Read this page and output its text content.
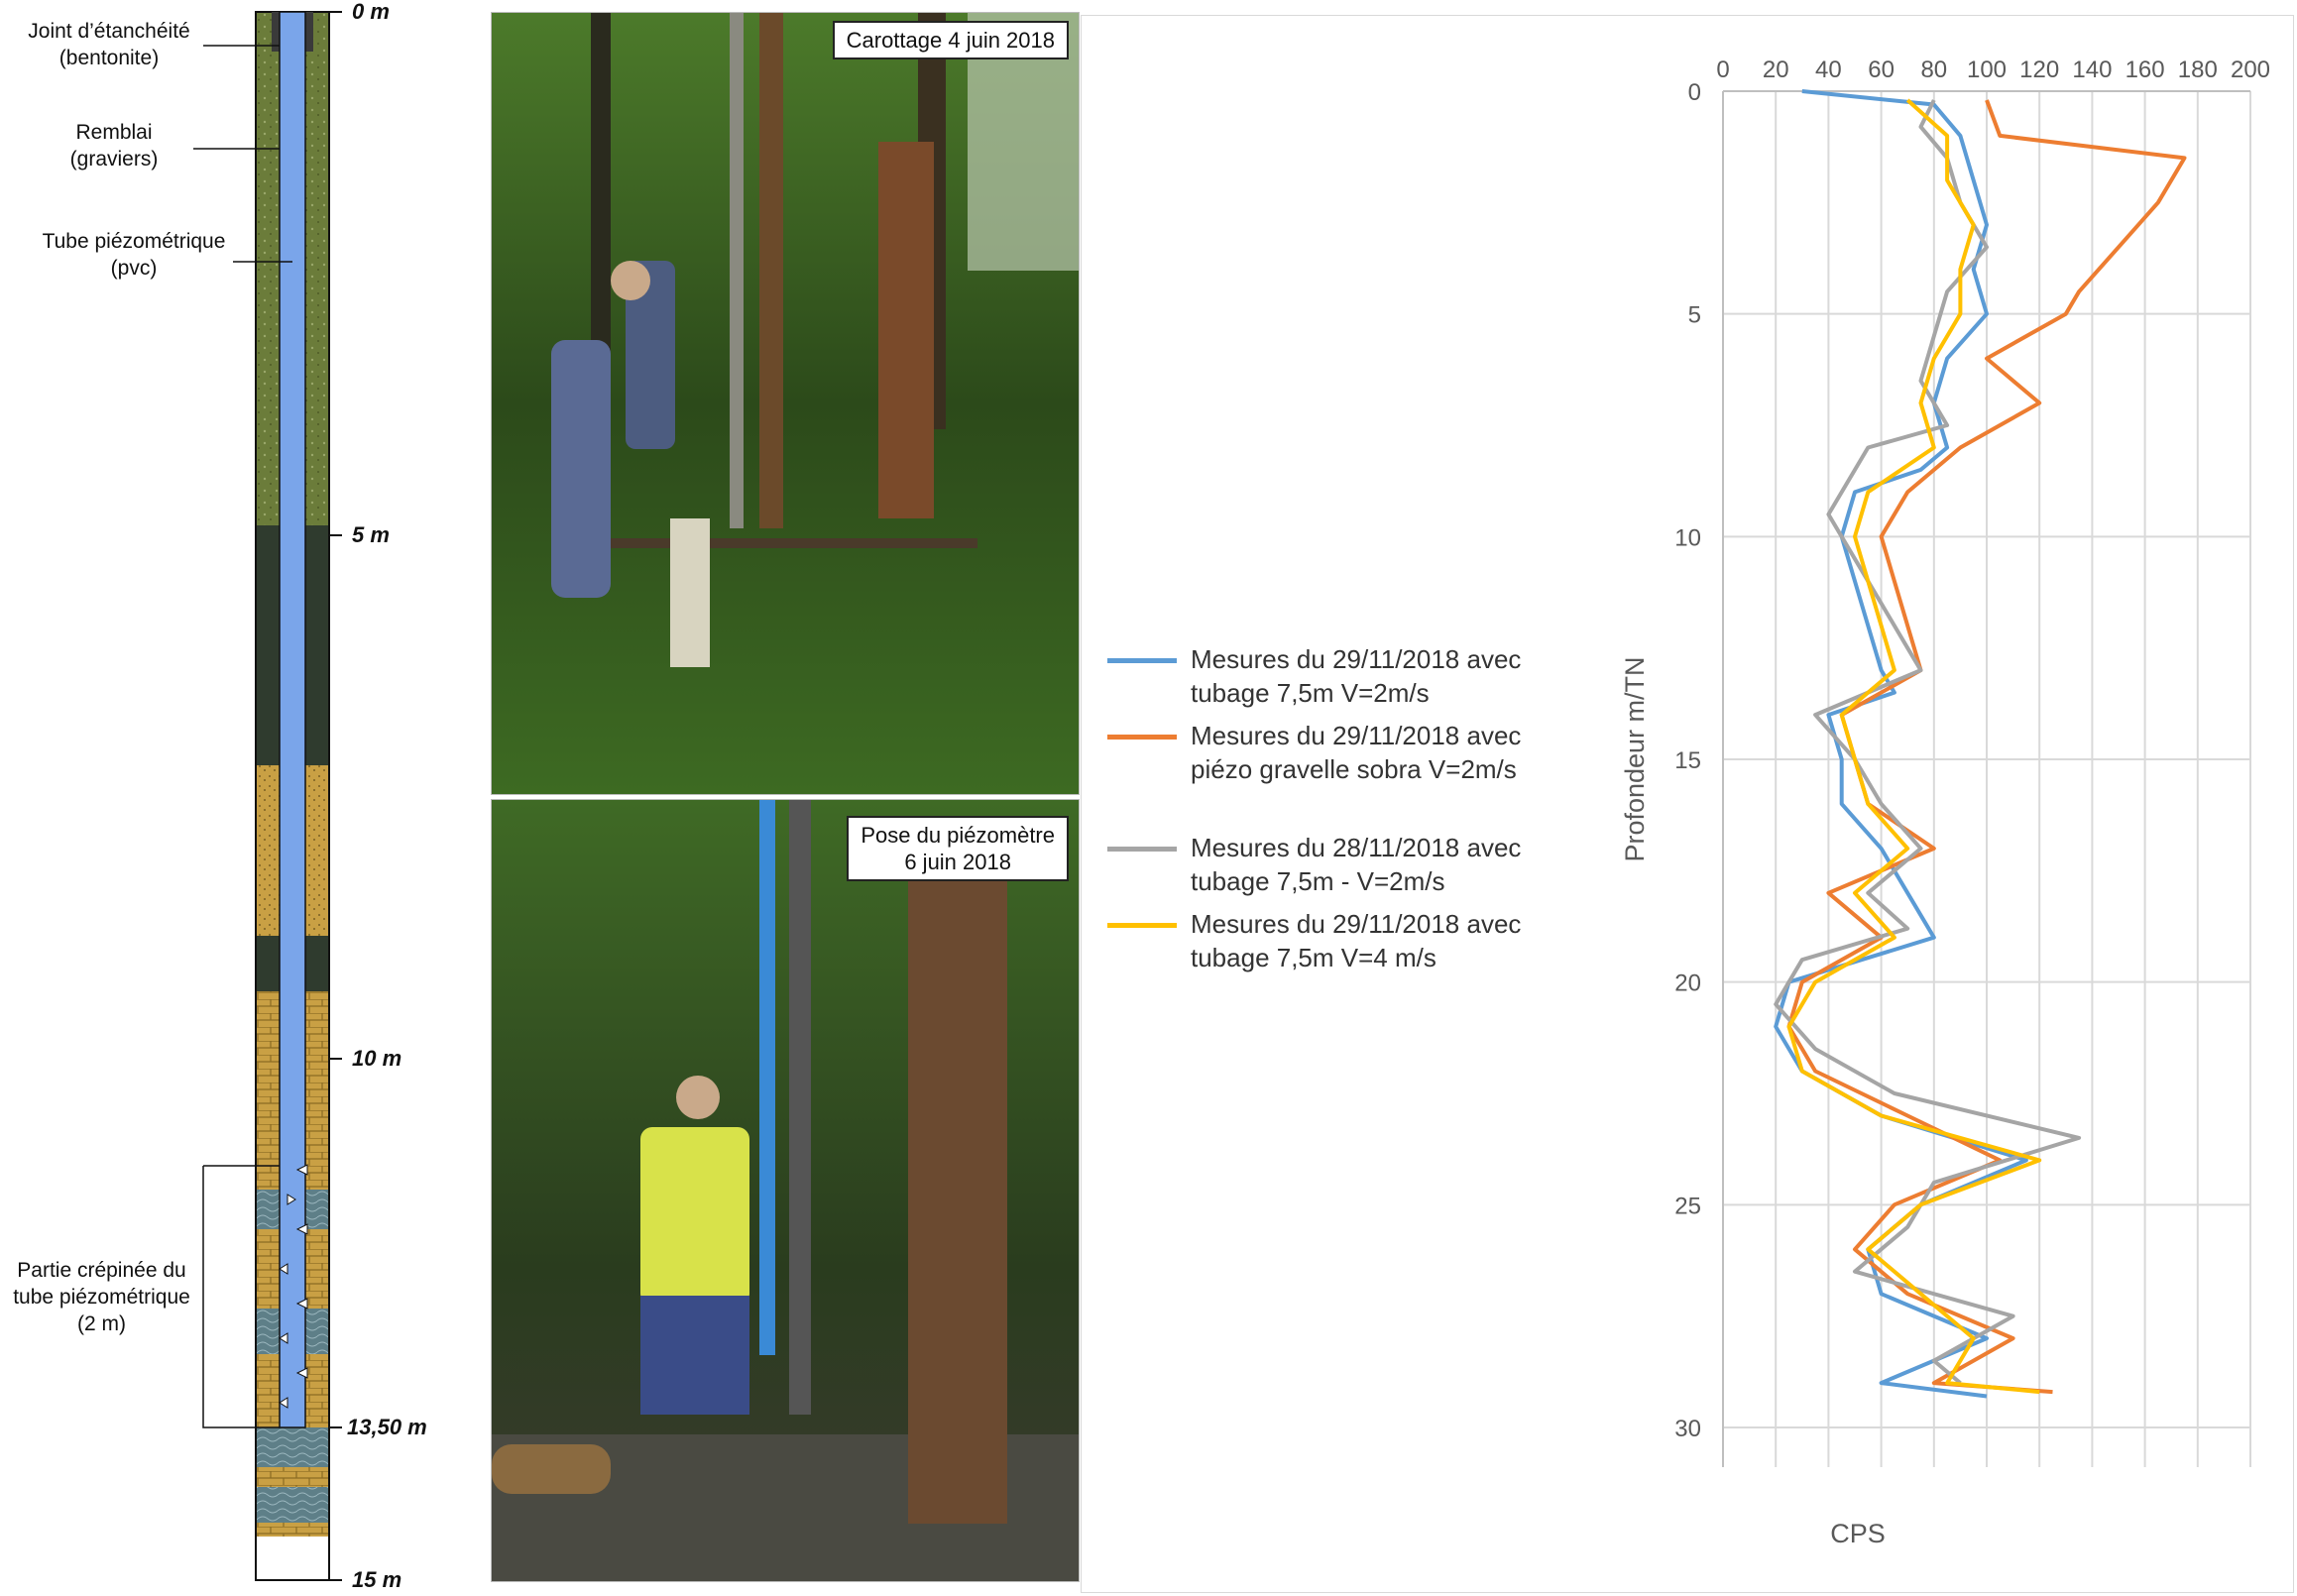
Joint d’étanchéité
(bentonite)
Remblai
(graviers)
Tube piézométrique
(pvc)
Partie crépinée du
tube piézométrique
(2 m)
0 m
5 m
10 m
13,50 m
15 m
Carottage 4 juin 2018
Pose du piézomètre
6 juin 2018
Mesures du 29/11/2018 avec tubage 7,5m V=2m/s
Mesures du 29/11/2018 avec piézo gravelle sobra V=2m/s
Mesures du 28/11/2018 avec tubage 7,5m - V=2m/s
Mesures du 29/11/2018 avec tubage 7,5m V=4 m/s
0 20 40 60 80 100 120 140 160 180 200
0
5
10
15
20
25
30
CPS
Profondeur m/TN
